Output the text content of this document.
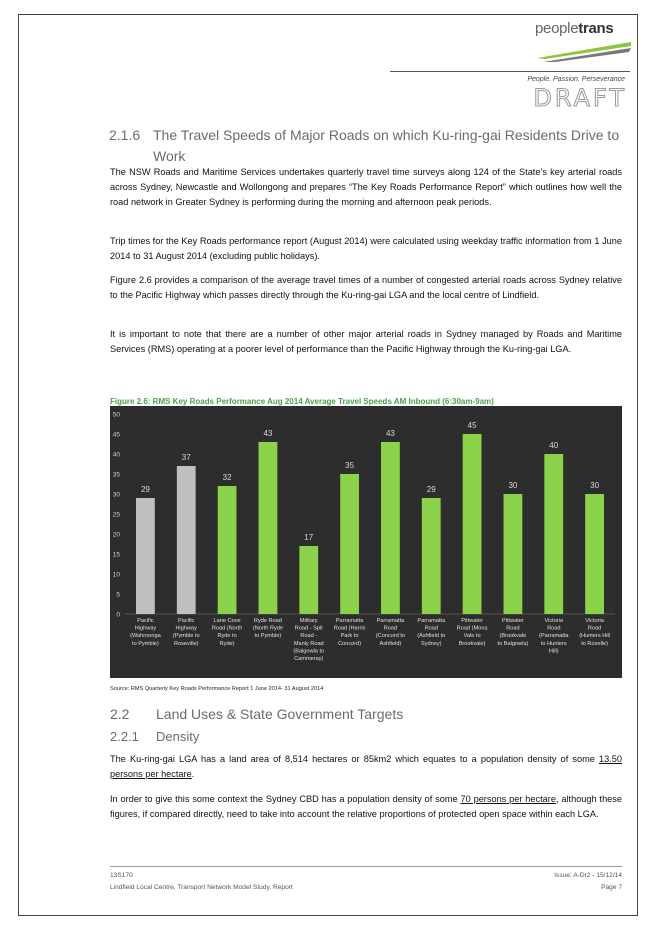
peopletrans
People. Passion. Perseverance
DRAFT
2.1.6 The Travel Speeds of Major Roads on which Ku-ring-gai Residents Drive to Work
The NSW Roads and Maritime Services undertakes quarterly travel time surveys along 124 of the State’s key arterial roads across Sydney, Newcastle and Wollongong and prepares “The Key Roads Performance Report” which outlines how well the road network in Greater Sydney is performing during the morning and afternoon peak periods.
Trip times for the Key Roads performance report (August 2014) were calculated using weekday traffic information from 1 June 2014 to 31 August 2014 (excluding public holidays).
Figure 2.6 provides a comparison of the average travel times of a number of congested arterial roads across Sydney relative to the Pacific Highway which passes directly through the Ku-ring-gai LGA and the local centre of Lindfield.
It is important to note that there are a number of other major arterial roads in Sydney managed by Roads and Maritime Services (RMS) operating at a poorer level of performance than the Pacific Highway through the Ku-ring-gai LGA.
Figure 2.6: RMS Key Roads Performance Aug 2014 Average Travel Speeds AM Inbound (6:30am-9am)
0
5
10
15
20
25
30
35
40
45
50
29
Pacific Highway (Wahroonga to Pymble)
37
Pacific Highway (Pymble to Roseville)
32
Lane Cove Road (North Ryde to Ryde)
43
Ryde Road (North Ryde to Pymble)
17
Military Road - Spit Road -Manly Road (Balgowla to Cammeray)
35
Parramatta Road (Harris Park to Concord)
43
Parramatta Road (Concord to Ashfield)
29
Parramatta Road (Ashfield to Sydney)
45
Pittwater Road (Mona Vale to Brookvale)
30
Pittwater Road (Brookvale to Balgowla)
40
Victoria Road (Parramatta to Hunters Hill)
30
Victoria Road (Hunters Hill to Rozelle)
Source: RMS Quarterly Key Roads Performance Report 1 June 2014- 31 August 2014
2.2 Land Uses & State Government Targets
2.2.1 Density
The Ku-ring-gai LGA has a land area of 8,514 hectares or 85km2 which equates to a population density of some 13.50 persons per hectare.
In order to give this some context the Sydney CBD has a population density of some 70 persons per hectare, although these figures, if compared directly, need to take into account the relative proportions of protected open space within each LGA.
13S170	Issue: A-Dr2 - 15/12/14
Lindfield Local Centre, Transport Network Model Study, Report	Page 7
